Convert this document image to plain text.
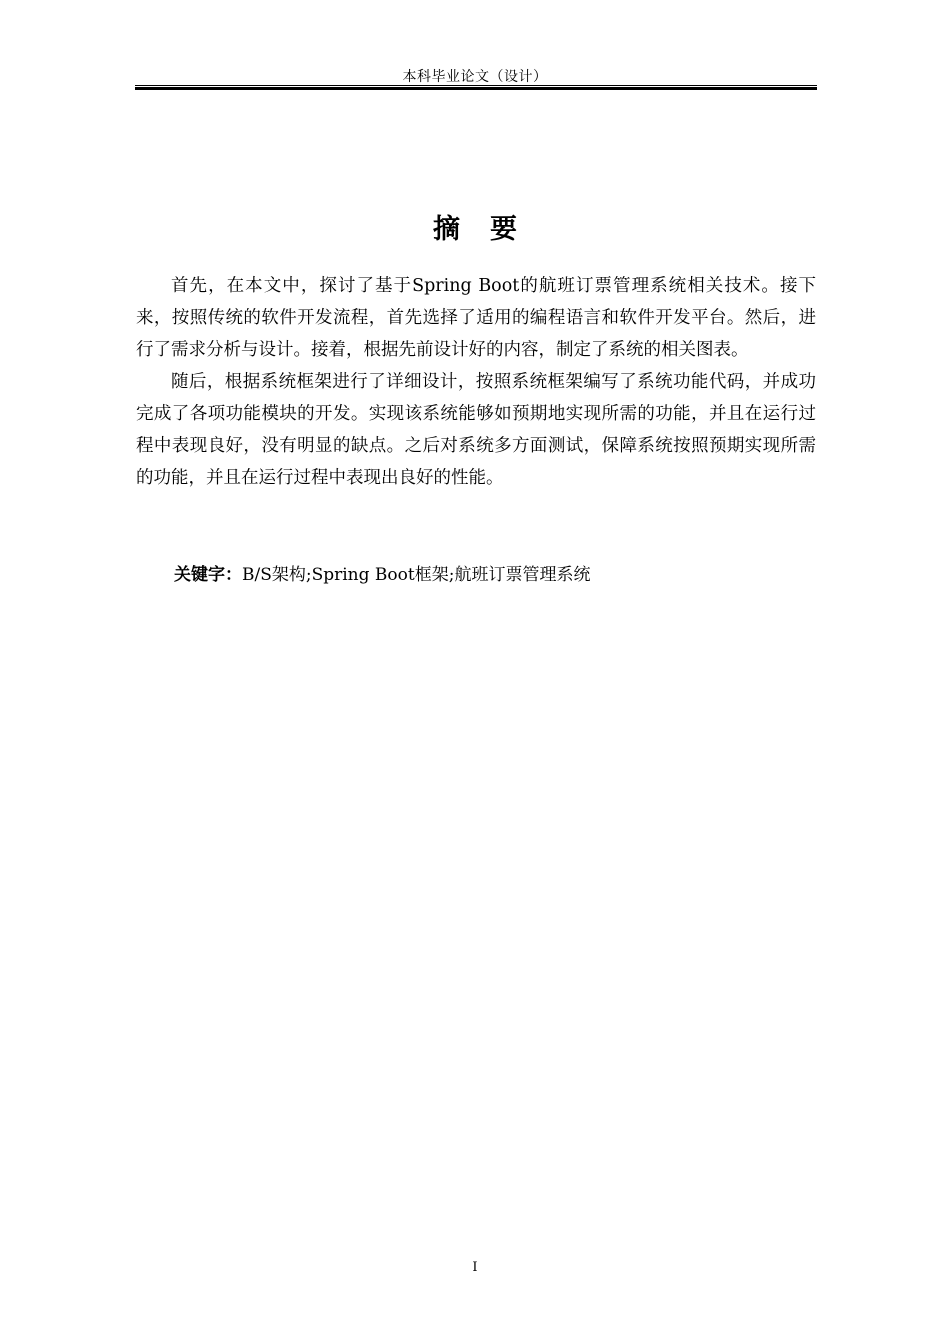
本科毕业论文（设计）
摘要

首先，在本文中，探讨了基于Spring Boot的航班订票管理系统相关技术。接下来，按照传统的软件开发流程，首先选择了适用的编程语言和软件开发平台。然后，进行了需求分析与设计。接着，根据先前设计好的内容，制定了系统的相关图表。

随后，根据系统框架进行了详细设计，按照系统框架编写了系统功能代码，并成功完成了各项功能模块的开发。实现该系统能够如预期地实现所需的功能，并且在运行过程中表现良好，没有明显的缺点。之后对系统多方面测试，保障系统按照预期实现所需的功能，并且在运行过程中表现出良好的性能。

关键字：B/S架构;Spring Boot框架;航班订票管理系统
I
